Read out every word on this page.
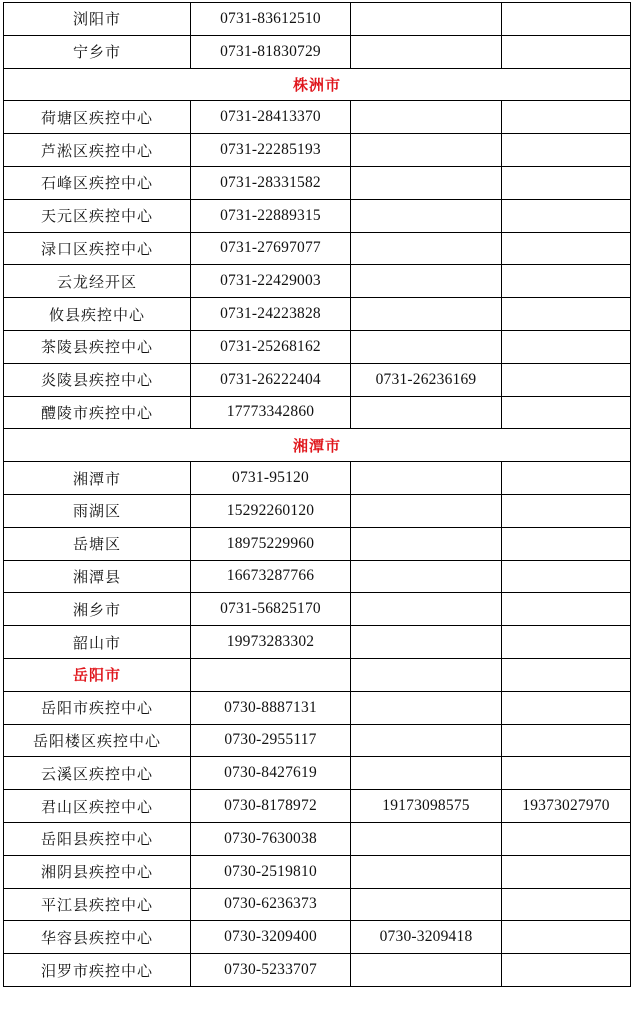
浏阳市	0731-83612510		
宁乡市	0731-81830729		
株洲市			
荷塘区疾控中心	0731-28413370		
芦淞区疾控中心	0731-22285193		
石峰区疾控中心	0731-28331582		
天元区疾控中心	0731-22889315		
渌口区疾控中心	0731-27697077		
云龙经开区	0731-22429003		
攸县疾控中心	0731-24223828		
茶陵县疾控中心	0731-25268162		
炎陵县疾控中心	0731-26222404	0731-26236169	
醴陵市疾控中心	17773342860		
湘潭市			
湘潭市	0731-95120		
雨湖区	15292260120		
岳塘区	18975229960		
湘潭县	16673287766		
湘乡市	0731-56825170		
韶山市	19973283302		
岳阳市			
岳阳市疾控中心	0730-8887131		
岳阳楼区疾控中心	0730-2955117		
云溪区疾控中心	0730-8427619		
君山区疾控中心	0730-8178972	19173098575	19373027970
岳阳县疾控中心	0730-7630038		
湘阴县疾控中心	0730-2519810		
平江县疾控中心	0730-6236373		
华容县疾控中心	0730-3209400	0730-3209418	
汨罗市疾控中心	0730-5233707		
